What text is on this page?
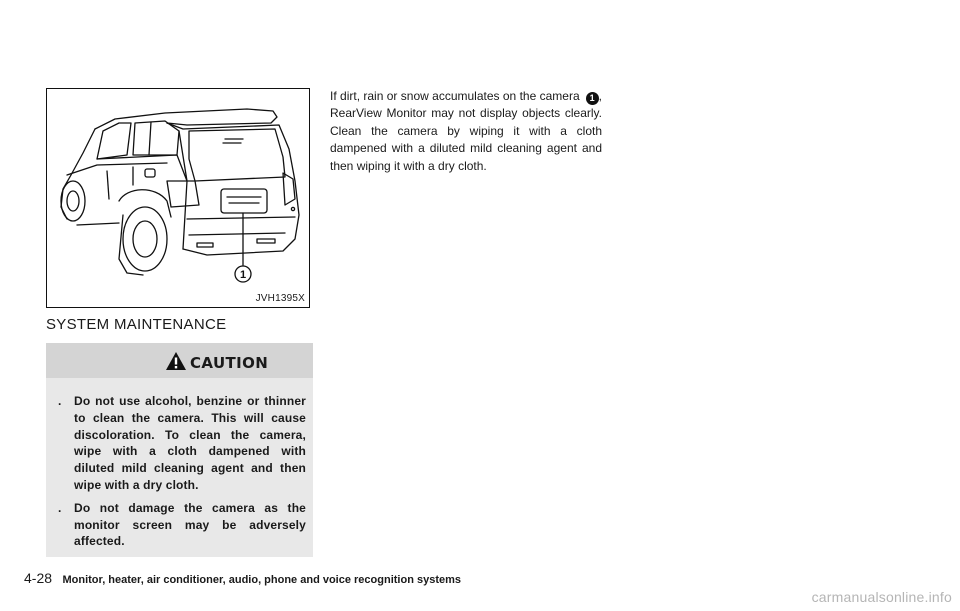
1
JVH1395X
SYSTEM MAINTENANCE
CAUTION
. Do not use alcohol, benzine or thinner to clean the camera. This will cause discoloration. To clean the camera, wipe with a cloth dampened with diluted mild cleaning agent and then wipe with a dry cloth.
. Do not damage the camera as the monitor screen may be adversely affected.

If dirt, rain or snow accumulates on the camera 1 , RearView Monitor may not display objects clearly. Clean the camera by wiping it with a cloth dampened with a diluted mild cleaning agent and then wiping it with a dry cloth.

4-28 Monitor, heater, air conditioner, audio, phone and voice recognition systems
carmanualsonline.info
